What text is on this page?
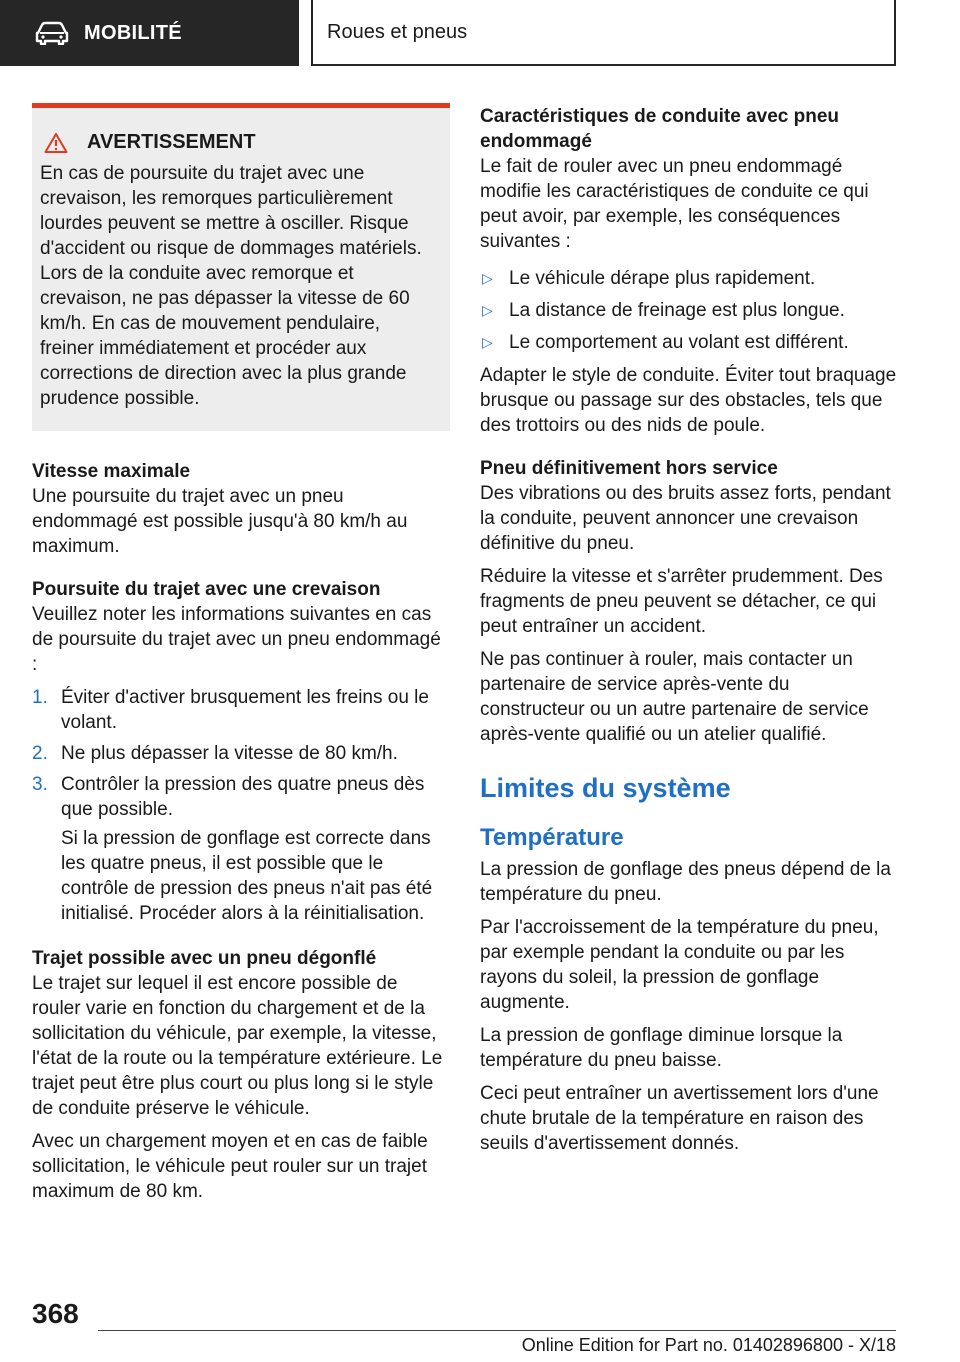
MOBILITÉ	Roues et pneus
AVERTISSEMENT
En cas de poursuite du trajet avec une crevaison, les remorques particulièrement lourdes peuvent se mettre à osciller. Risque d'accident ou risque de dommages matériels. Lors de la conduite avec remorque et crevaison, ne pas dépasser la vitesse de 60 km/h. En cas de mouvement pendulaire, freiner immédiatement et procéder aux corrections de direction avec la plus grande prudence possible.
Vitesse maximale

Une poursuite du trajet avec un pneu endommagé est possible jusqu'à 80 km/h au maximum.

Poursuite du trajet avec une crevaison

Veuillez noter les informations suivantes en cas de poursuite du trajet avec un pneu endommagé :

1. Éviter d'activer brusquement les freins ou le volant.
2. Ne plus dépasser la vitesse de 80 km/h.
3. Contrôler la pression des quatre pneus dès que possible.

Si la pression de gonflage est correcte dans les quatre pneus, il est possible que le contrôle de pression des pneus n'ait pas été initialisé. Procéder alors à la réinitialisation.

Trajet possible avec un pneu dégonflé

Le trajet sur lequel il est encore possible de rouler varie en fonction du chargement et de la sollicitation du véhicule, par exemple, la vitesse, l'état de la route ou la température extérieure. Le trajet peut être plus court ou plus long si le style de conduite préserve le véhicule.

Avec un chargement moyen et en cas de faible sollicitation, le véhicule peut rouler sur un trajet maximum de 80 km.

Caractéristiques de conduite avec pneu endommagé

Le fait de rouler avec un pneu endommagé modifie les caractéristiques de conduite ce qui peut avoir, par exemple, les conséquences suivantes :

▷ Le véhicule dérape plus rapidement.
▷ La distance de freinage est plus longue.
▷ Le comportement au volant est différent.

Adapter le style de conduite. Éviter tout braquage brusque ou passage sur des obstacles, tels que des trottoirs ou des nids de poule.

Pneu définitivement hors service

Des vibrations ou des bruits assez forts, pendant la conduite, peuvent annoncer une crevaison définitive du pneu.

Réduire la vitesse et s'arrêter prudemment. Des fragments de pneu peuvent se détacher, ce qui peut entraîner un accident.

Ne pas continuer à rouler, mais contacter un partenaire de service après-vente du constructeur ou un autre partenaire de service après-vente qualifié ou un atelier qualifié.

Limites du système
Température

La pression de gonflage des pneus dépend de la température du pneu.

Par l'accroissement de la température du pneu, par exemple pendant la conduite ou par les rayons du soleil, la pression de gonflage augmente.

La pression de gonflage diminue lorsque la température du pneu baisse.

Ceci peut entraîner un avertissement lors d'une chute brutale de la température en raison des seuils d'avertissement donnés.

368
Online Edition for Part no. 01402896800 - X/18
